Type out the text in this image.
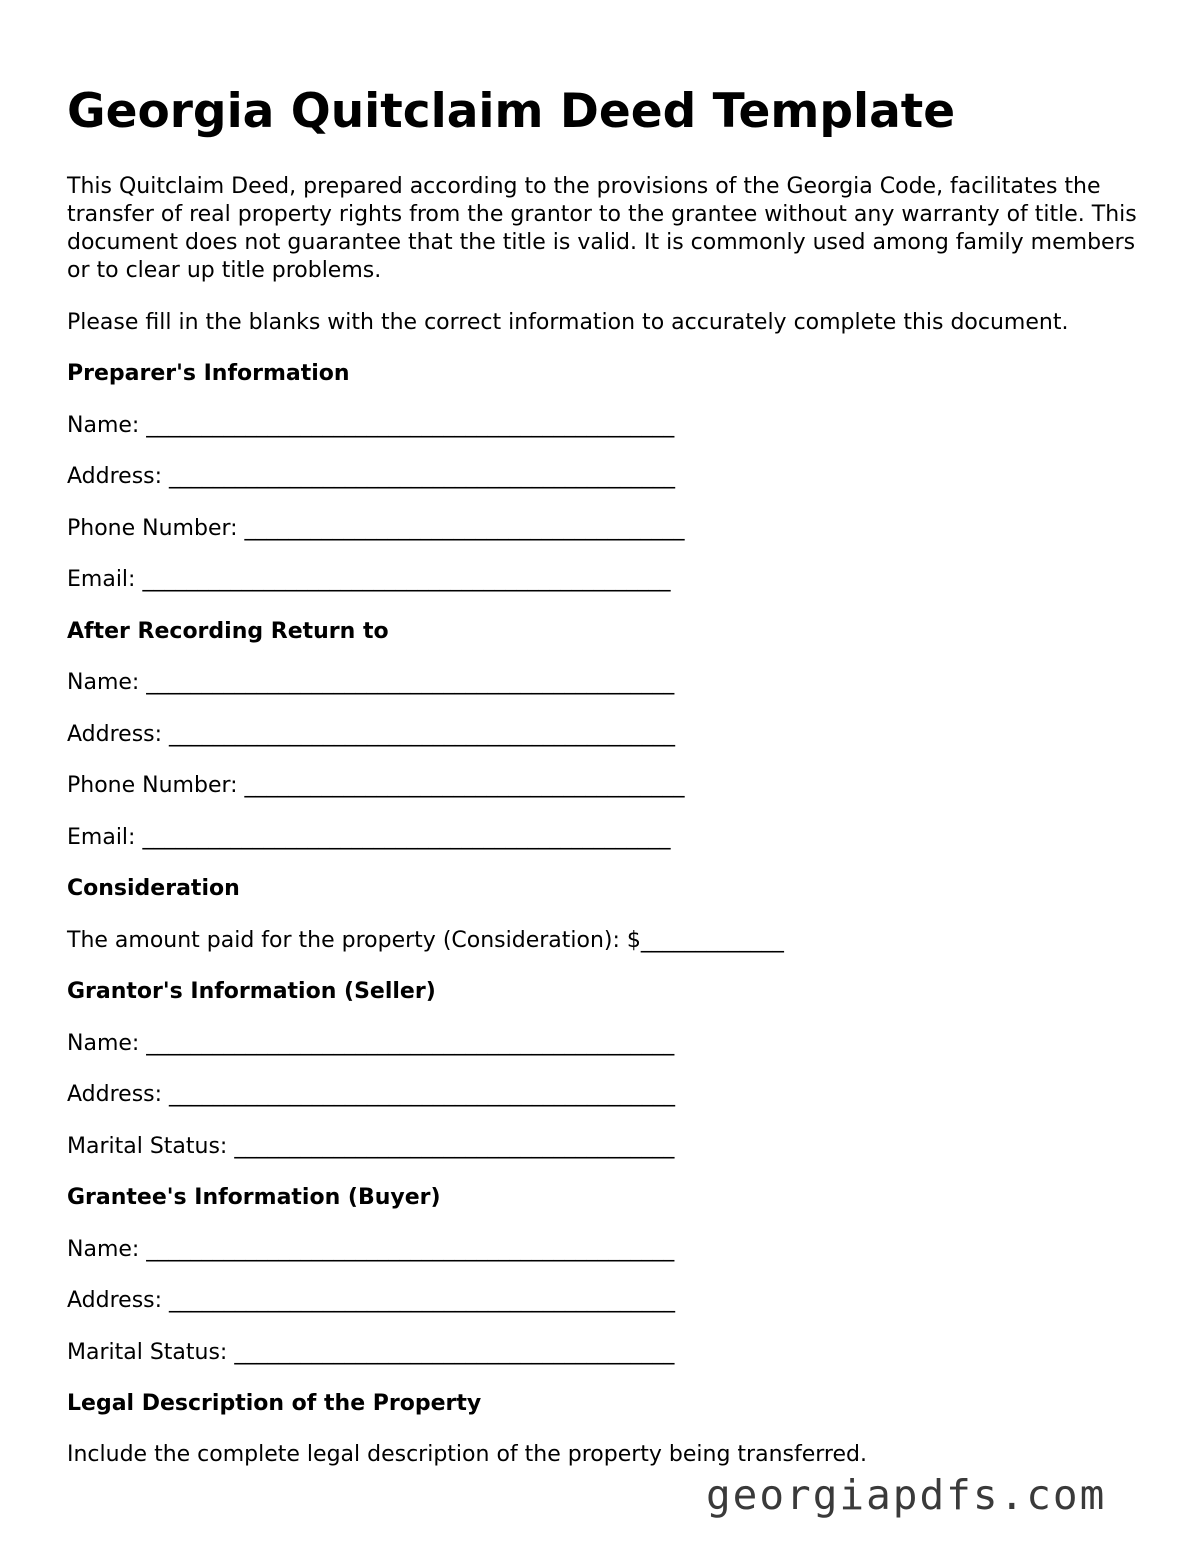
Georgia Quitclaim Deed Template

This Quitclaim Deed, prepared according to the provisions of the Georgia Code, facilitates the transfer of real property rights from the grantor to the grantee without any warranty of title. This document does not guarantee that the title is valid. It is commonly used among family members or to clear up title problems.

Please fill in the blanks with the correct information to accurately complete this document.

Preparer's Information

Name: ________________________________________________

Address: ______________________________________________

Phone Number: ________________________________________

Email: ________________________________________________

After Recording Return to

Name: ________________________________________________

Address: ______________________________________________

Phone Number: ________________________________________

Email: ________________________________________________

Consideration

The amount paid for the property (Consideration): $_____________

Grantor's Information (Seller)

Name: ________________________________________________

Address: ______________________________________________

Marital Status: ________________________________________

Grantee's Information (Buyer)

Name: ________________________________________________

Address: ______________________________________________

Marital Status: ________________________________________

Legal Description of the Property

Include the complete legal description of the property being transferred.

georgiapdfs.com
